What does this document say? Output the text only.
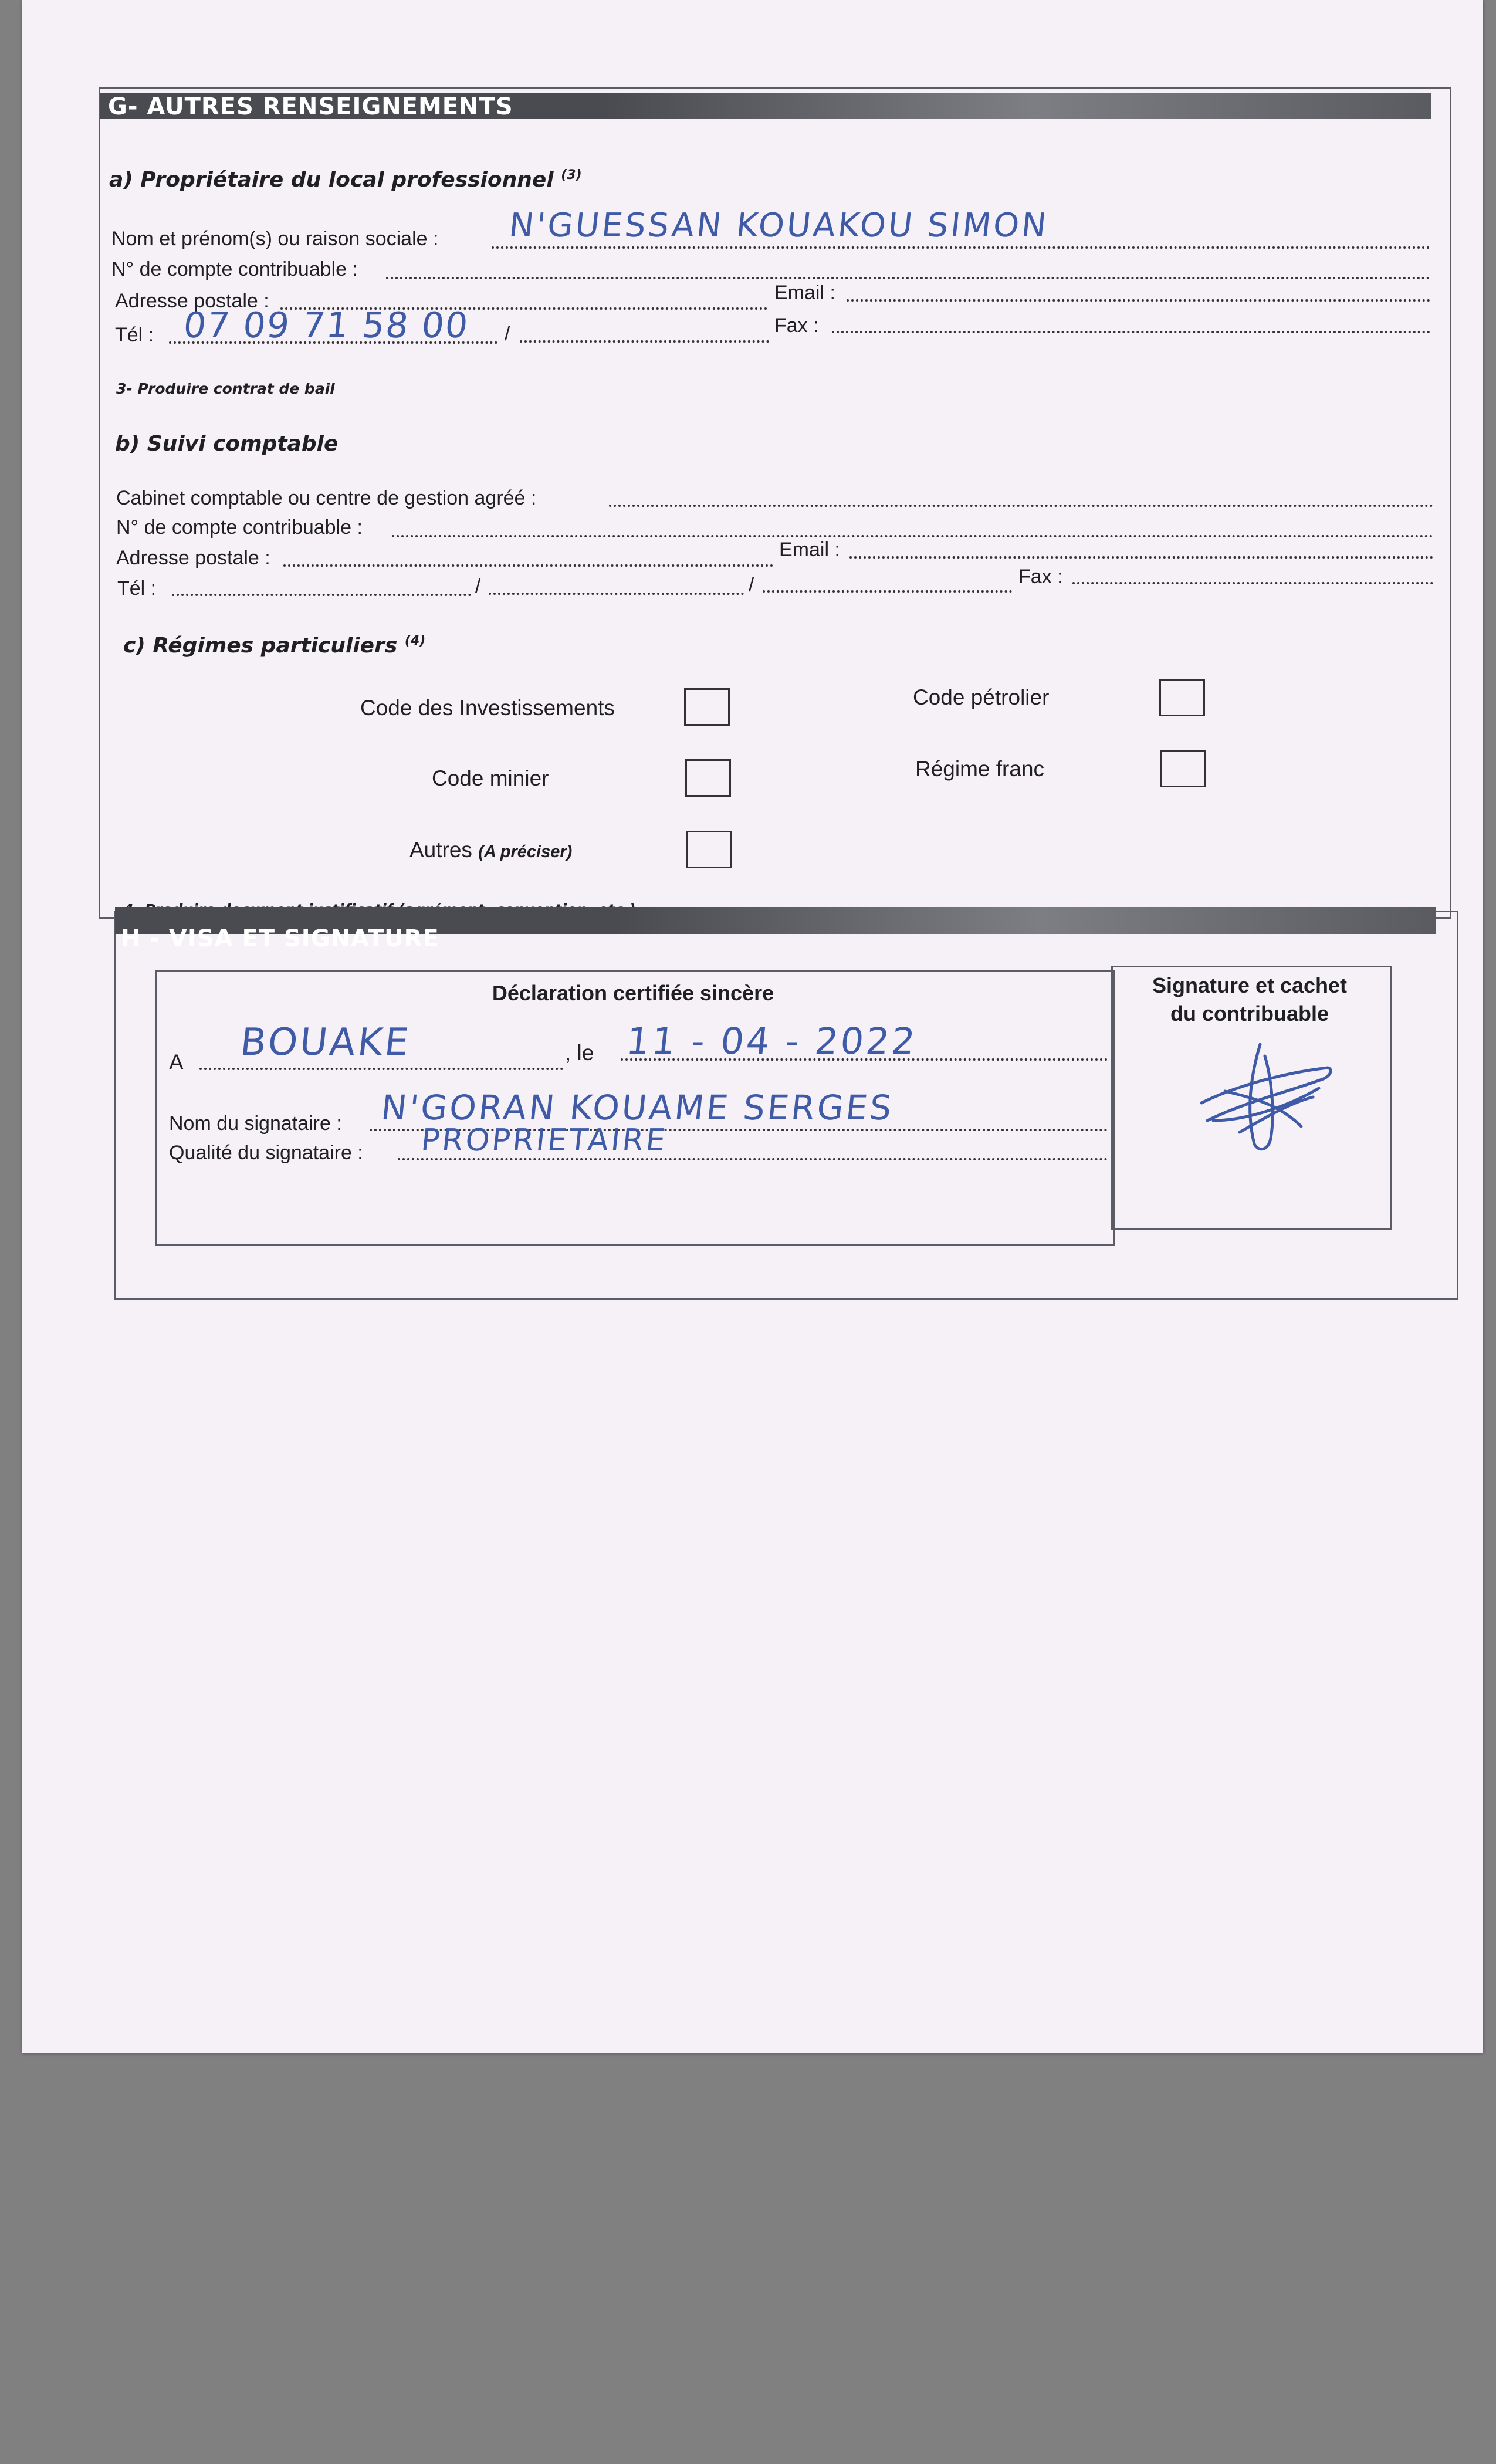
G- AUTRES RENSEIGNEMENTS
a) Propriétaire du local professionnel $^{(3)}$
Nom et prénom(s) ou raison sociale : N'GUESSAN KOUAKOU SIMON
N° de compte contribuable :
Adresse postale :	Email :
Tél : 07 09 71 58 00 /	Fax :
3- Produire contrat de bail
b) Suivi comptable
Cabinet comptable ou centre de gestion agréé :
N° de compte contribuable :
Adresse postale :	Email :
Tél :	/	/	Fax :
c) Régimes particuliers $^{(4)}$
Code des Investissements	Code pétrolier
Code minier	Régime franc
Autres (A préciser)
H - VISA ET SIGNATURE
Déclaration certifiée sincère
A BOUAKE	, le 11 - 04 - 2022
Nom du signataire : N'GORAN KOUAME SERGES
Qualité du signataire : PROPRIETAIRE
Signature et cachet
du contribuable
